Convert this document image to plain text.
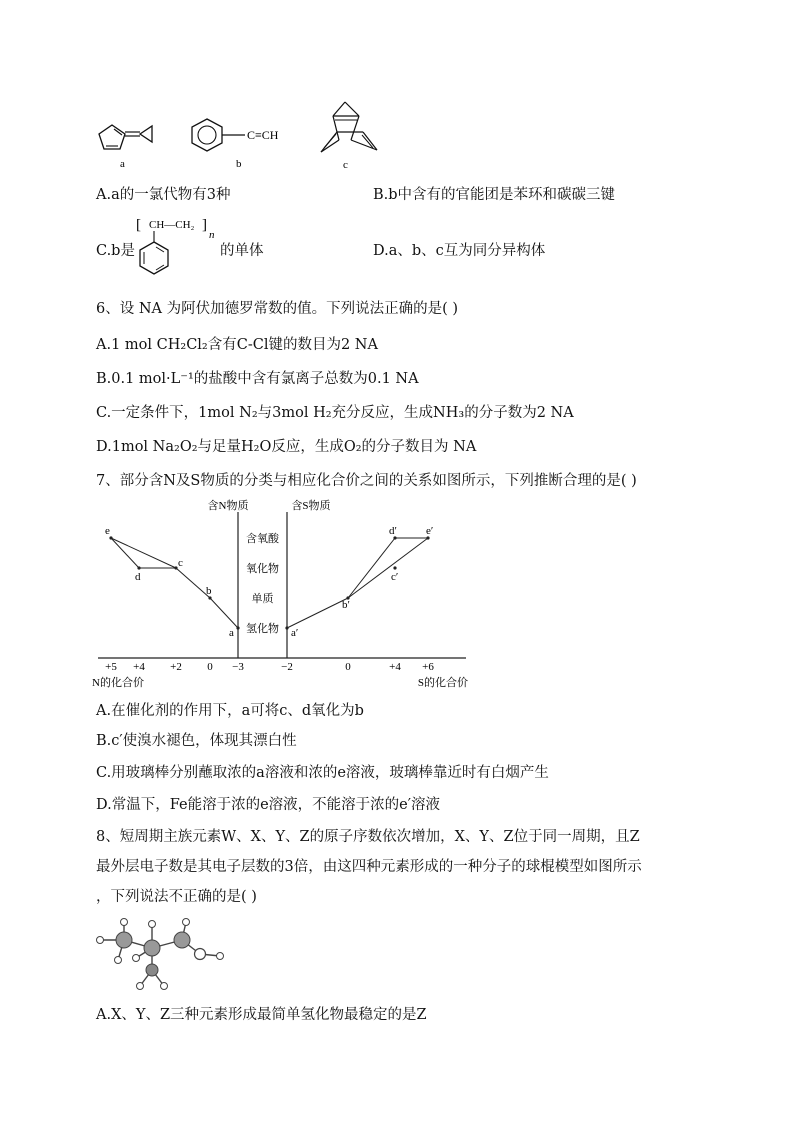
a
C≡CH
b	c
A.a的一氯代物有3种	B.b中含有的官能团是苯环和碳碳三键
C.b是
[ CH—CH₂ ]
n
的单体	D.a、b、c互为同分异构体
6、设 NA 为阿伏加德罗常数的值。下列说法正确的是( )
A.1 mol CH₂Cl₂含有C-Cl键的数目为2 NA
B.0.1 mol·L⁻¹的盐酸中含有氯离子总数为0.1 NA
C.一定条件下，1mol N₂与3mol H₂充分反应，生成NH₃的分子数为2 NA
D.1mol Na₂O₂与足量H₂O反应，生成O₂的分子数目为 NA
7、部分含N及S物质的分类与相应化合价之间的关系如图所示，下列推断合理的是( )
含N物质	含S物质
含氧酸
氧化物
单质
氢化物
+5 +4 +2 0 −3	−2	0	+4 +6
N的化合价	S的化合价
e
d
c
b
a	a′
b′
c′
d′	e′
A.在催化剂的作用下，a可将c、d氧化为b
B.c′使溴水褪色，体现其漂白性
C.用玻璃棒分别蘸取浓的a溶液和浓的e溶液，玻璃棒靠近时有白烟产生
D.常温下，Fe能溶于浓的e溶液，不能溶于浓的e′溶液
8、短周期主族元素W、X、Y、Z的原子序数依次增加，X、Y、Z位于同一周期，且Z
最外层电子数是其电子层数的3倍，由这四种元素形成的一种分子的球棍模型如图所示
，下列说法不正确的是( )
A.X、Y、Z三种元素形成最简单氢化物最稳定的是Z
